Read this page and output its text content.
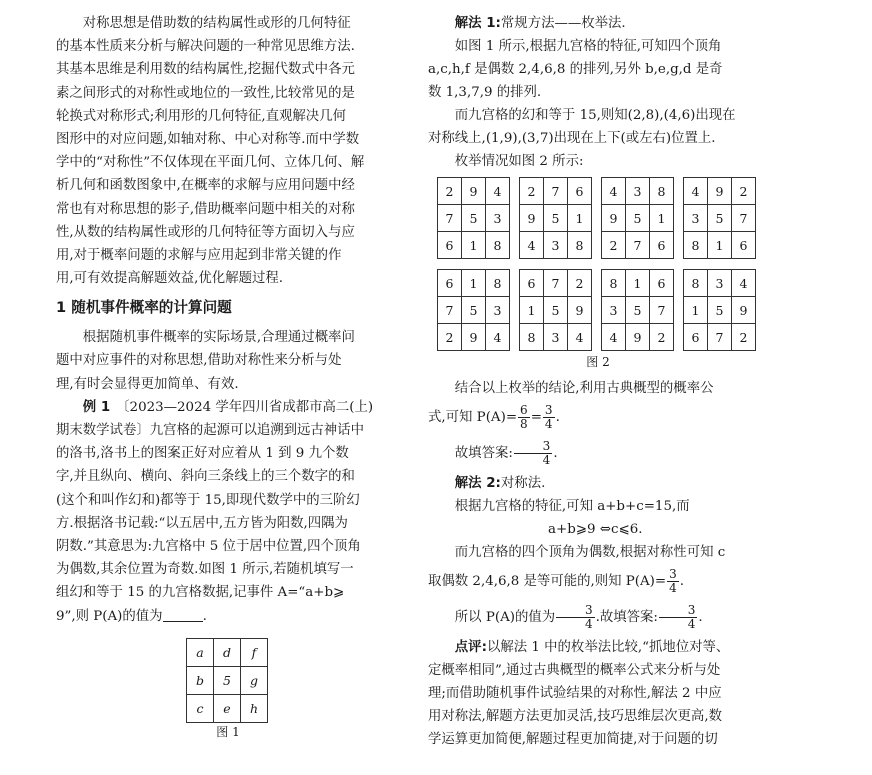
对称思想是借助数的结构属性或形的几何特征
的基本性质来分析与解决问题的一种常见思维方法.
其基本思维是利用数的结构属性,挖掘代数式中各元
素之间形式的对称性或地位的一致性,比较常见的是
轮换式对称形式;利用形的几何特征,直观解决几何
图形中的对应问题,如轴对称、中心对称等.而中学数
学中的“对称性”不仅体现在平面几何、立体几何、解
析几何和函数图象中,在概率的求解与应用问题中经
常也有对称思想的影子,借助概率问题中相关的对称
性,从数的结构属性或形的几何特征等方面切入与应
用,对于概率问题的求解与应用起到非常关键的作
用,可有效提高解题效益,优化解题过程.
1 随机事件概率的计算问题
根据随机事件概率的实际场景,合理通过概率问
题中对应事件的对称思想,借助对称性来分析与处
理,有时会显得更加简单、有效.
例 1 〔2023—2024 学年四川省成都市高二(上)
期末数学试卷〕九宫格的起源可以追溯到远古神话中
的洛书,洛书上的图案正好对应着从 1 到 9 九个数
字,并且纵向、横向、斜向三条线上的三个数字的和
(这个和叫作幻和)都等于 15,即现代数学中的三阶幻
方.根据洛书记载:“以五居中,五方皆为阳数,四隅为
阴数.”其意思为:九宫格中 5 位于居中位置,四个顶角
为偶数,其余位置为奇数.如图 1 所示,若随机填写一
组幻和等于 15 的九宫格数据,记事件 A=“a+b⩾
9”,则 P(A)的值为	.
a	d	f
b	5	g
c	e	h
图 1
解法 1:常规方法——枚举法.
如图 1 所示,根据九宫格的特征,可知四个顶角
a,c,h,f 是偶数 2,4,6,8 的排列,另外 b,e,g,d 是奇
数 1,3,7,9 的排列.
而九宫格的幻和等于 15,则知(2,8),(4,6)出现在
对称线上,(1,9),(3,7)出现在上下(或左右)位置上.
枚举情况如图 2 所示:
2	9	4
7	5	3
6	1	8
2	7	6
9	5	1
4	3	8
4	3	8
9	5	1
2	7	6
4	9	2
3	5	7
8	1	6
6	1	8
7	5	3
2	9	4
6	7	2
1	5	9
8	3	4
8	1	6
3	5	7
4	9	2
8	3	4
1	5	9
6	7	2
图 2
结合以上枚举的结论,利用古典概型的概率公
式,可知 $P(A)= \frac{6}{8} = \frac{3}{4}$ .
故填答案: $\frac{3}{4}$ .
解法 2:对称法.
根据九宫格的特征,可知 a+b+c=15,而
a+b⩾9 ⇔c⩽6.
而九宫格的四个顶角为偶数,根据对称性可知 c
取偶数 2,4,6,8 是等可能的,则知 $P(A)= \frac{3}{4}$ .
所以 P(A)的值为 $\frac{3}{4}$ .故填答案: $\frac{3}{4}$ .
点评:以解法 1 中的枚举法比较,“抓地位对等、
定概率相同”,通过古典概型的概率公式来分析与处
理;而借助随机事件试验结果的对称性,解法 2 中应
用对称法,解题方法更加灵活,技巧思维层次更高,数
学运算更加简便,解题过程更加简捷,对于问题的切
